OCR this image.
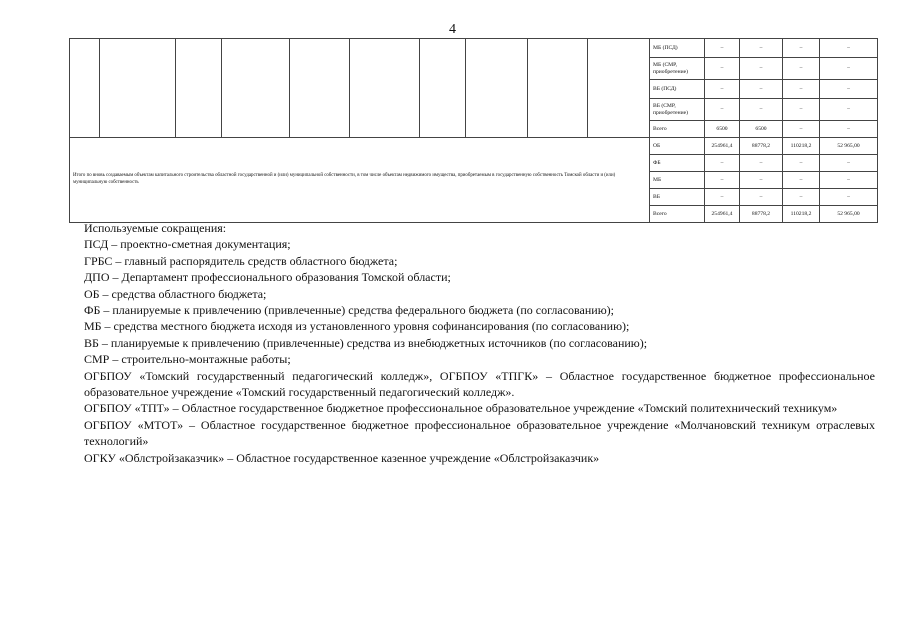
4
										МБ (ПСД)	–	–	–	–
										МБ (СМР, приобретение)	–	–	–	–
										ВБ (ПСД)	–	–	–	–
										ВБ (СМР, приобретение)	–	–	–	–
										Всего	6500	6500	–	–
Итого по вновь создаваемым объектам капитального строительства областной государственной и (или) муниципальной собственности, в том числе объектам недвижимого имущества, приобретаемым в государственную собственность Томской области и (или) муниципальную собственность										ОБ	254961,4	88778,2	110218,2	52 965,00
										ФБ	–	–	–	–
										МБ	–	–	–	–
										ВБ	–	–	–	–
										Всего	254961,4	88778,2	110218,2	52 965,00

Используемые сокращения:

ПСД – проектно-сметная документация;

ГРБС – главный распорядитель средств областного бюджета;

ДПО – Департамент профессионального образования Томской области;

ОБ – средства областного бюджета;

ФБ – планируемые к привлечению (привлеченные) средства федерального бюджета (по согласованию);

МБ – средства местного бюджета исходя из установленного уровня софинансирования (по согласованию);

ВБ – планируемые к привлечению (привлеченные) средства из внебюджетных источников (по согласованию);

СМР – строительно-монтажные работы;

ОГБПОУ «Томский государственный педагогический колледж», ОГБПОУ «ТПГК» – Областное государственное бюджетное профессиональное образовательное учреждение «Томский государственный педагогический колледж».

ОГБПОУ «ТПТ» – Областное государственное бюджетное профессиональное образовательное учреждение «Томский политехнический техникум»

ОГБПОУ «МТОТ» – Областное государственное бюджетное профессиональное образовательное учреждение «Молчановский техникум отраслевых технологий»

ОГКУ «Облстройзаказчик» – Областное государственное казенное учреждение «Облстройзаказчик»
